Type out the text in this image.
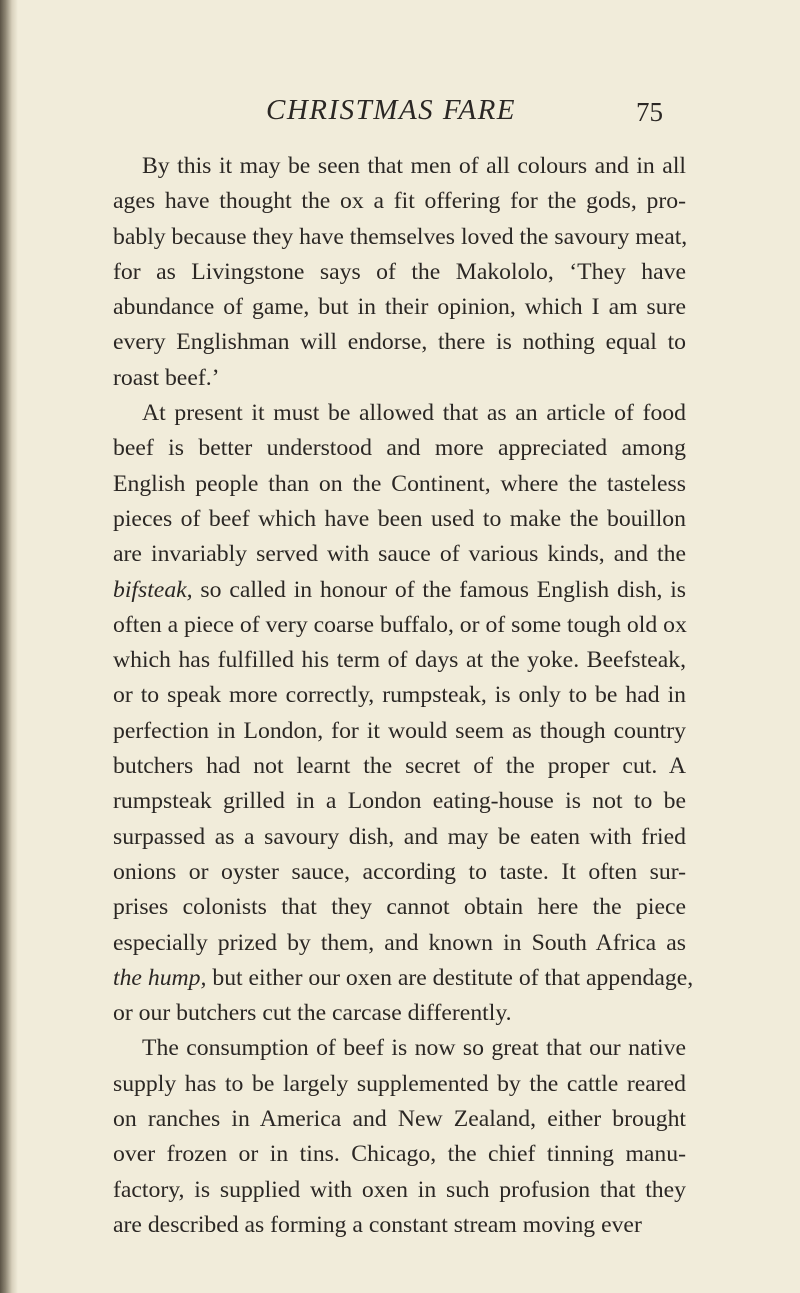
CHRISTMAS FARE	75
By this it may be seen that men of all colours and in all
ages have thought the ox a fit offering for the gods, pro-
bably because they have themselves loved the savoury meat,
for as Livingstone says of the Makololo, ‘They have
abundance of game, but in their opinion, which I am sure
every Englishman will endorse, there is nothing equal to
roast beef.’
At present it must be allowed that as an article of food
beef is better understood and more appreciated among
English people than on the Continent, where the tasteless
pieces of beef which have been used to make the bouillon
are invariably served with sauce of various kinds, and the
bifsteak, so called in honour of the famous English dish, is
often a piece of very coarse buffalo, or of some tough old ox
which has fulfilled his term of days at the yoke. Beefsteak,
or to speak more correctly, rumpsteak, is only to be had in
perfection in London, for it would seem as though country
butchers had not learnt the secret of the proper cut. A
rumpsteak grilled in a London eating-house is not to be
surpassed as a savoury dish, and may be eaten with fried
onions or oyster sauce, according to taste. It often sur-
prises colonists that they cannot obtain here the piece
especially prized by them, and known in South Africa as
the hump, but either our oxen are destitute of that appendage,
or our butchers cut the carcase differently.
The consumption of beef is now so great that our native
supply has to be largely supplemented by the cattle reared
on ranches in America and New Zealand, either brought
over frozen or in tins. Chicago, the chief tinning manu-
factory, is supplied with oxen in such profusion that they
are described as forming a constant stream moving ever
